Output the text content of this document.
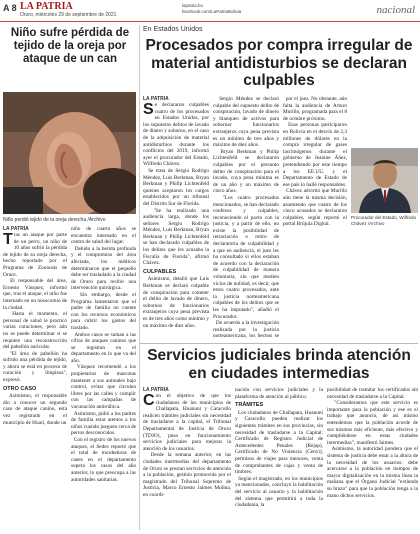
A 8 LA PATRIA
Oruro, miércoles 29 de septiembre de 2021
lapatria.bo
facebook.com/LaPatriaBolivia	nacional
Niño sufre pérdida de tejido de la oreja por ataque de un can
Niño perdió tejido de la oreja derecha /Archivo
LA PATRIA
Tras un ataque por parte de un perro, un niño de 10 años sufrió la pérdida de tejido de su oreja derecha, hecho reportado por el Programa de Zoonosis de Oruro.
El responsable del área, Ernesto Vásquez, informó que, tras el ataque, el niño fue internado en un nosocomio de la ciudad.
Hasta el momento, el personal de salud le practicó varias curaciones, pero aún no se puede determinar si se requiere una reconstrucción del pabellón auricular.
"El área de pabellón ha sufrido una pérdida de tejido, y ahora se está en proceso de curación y limpieza", expresó.
OTRO CASO
Asimismo, el responsable dio a conocer un segundo caso de ataque canino, esta vez registrado en el municipio de Huari, donde un
niño de cuatro años se encuentra internado en el centro de salud del lugar.
Debido a la herida profunda y el compromiso del área afectada, los médicos determinaron que el pequeño debe ser trasladado a la ciudad de Oruro para recibir una intervención quirúrgica.
Sin embargo, desde el Programa lamentaron que el padre de familia no cuente con los recursos económicos para cubrir los gastos del traslado.
Ambos casos se suman a las cifras de ataques caninos que se registran en el departamento en lo que va del año.
Vásquez recomendó a los propietarios de mascotas mantener a sus animales bajo control, evitar que circulen libres por las calles y cumplir con las campañas de vacunación antirrábica.
Asimismo, pidió a los padres de familia estar atentos a los niños cuando jueguen cerca de perros desconocidos.
Con el registro de los nuevos ataques, el Sedes reportó que el total de mordeduras de canes en el departamento supera los casos del año anterior, lo que preocupa a las autoridades sanitarias.
En Estados Unidos
Procesados por compra irregular de material antidisturbios se declaran culpables
LA PATRIA
Se declararon culpables cuatro de los procesados en Estados Unidos, por los supuestos delitos de lavado de dinero y soborno, en el caso de la adquisición de material antidisturbios durante los conflictos del 2019, informó ayer el procurador del Estado, Wilfredo Chávez.
Se trata de Sergio Rodrigo Méndez, Luis Berkman, Bryan Berkman y Philip Lichtenfeld quienes aceptaron los cargos establecidos por un tribunal del Distrito Sur de Florida.
"Se ha realizado una audiencia larga, donde los señores Sergio Rodrigo Méndez, Luis Berkman, Bryan Berkman y Philip Lichtenfeld se han declarado culpables de los delitos que les acusaba la Fiscalía de Florida", afirmó Chávez.
CULPABLES
Asimismo, detalló que Luis Berkman se declaró culpable de conspiración para cometer el delito de lavado de dinero, sobornos de funcionarios extranjeros cuya pena prevista es de tres años como mínimo y un máximo de diez años.
Sergio Méndez se declaró culpable del supuesto delito de conspiración, lavado de dinero y blanqueo de activos para sobornar funcionarios extranjeros cuya pena prevista es un mínimo de tres años y máximo de diez años.
Bryan Berkman y Philip Lichtenfeld se declararon culpables por el presunto delito de conspiración para el lavado, cuya pena mínima es de un año y un máximo de cinco años.
"Los cuatro procesados mencionados, se han declarado confesos y culpables, reconociendo el pacto con la justicia, y a partir de ello, no existe la posibilidad de retractación o retiro de declaratoria de culpabilidad y a que en audiencia, el juez les ha consultado si ellos estaban de acuerdo con la declaración de culpabilidad de manera voluntaria, sin que medien vicios de nulidad, es decir, que estos cuatro procesados, ante la justicia norteamericana culpables de los delitos que se les ha imputado", añadió el Procurador.
De acuerdo a la investigación realizada por la justicia norteamericana, los hechos se

por el juez. No obstante, aún falta la audiencia de Arturo Murillo, programada para el 8 de octubre próximo.
Esas personas participaron en Bolivia en el desvío de 2,3 millones de dólares en la compra irregular de gases lacrimógenos durante el gobierno de Jeanine Áñez, pretendiendo por este tiempo a los EE.UU. y el Departamento de Estado de ese país lo hallé responsables.
Chávez advirtió que Murillo aún tiene la misma decisión, asumiendo que cuatro de los cinco acusados se declararon culpables, según reportó el portal Brújula Digital.
Procurador del Estado, Wilfredo Chávez /Archivo
Servicios judiciales brinda atención en ciudades intermedias
LA PATRIA
Con el objetivo de que los ciudadanos de los municipios de Challapata, Huanuni y Caracollo realicen trámites judiciales sin necesidad de trasladarse a la capital, el Tribunal Departamental de Justicia de Oruro (TDJO), puso en funcionamiento servicios judiciales para mejorar la atención de los usuarios.
Desde la semana anterior, en las ciudades intermedias del departamento de Oruro se prestan servicios de atención a la población, gestión promovida por el magistrado del Tribunal Supremo de Justicia, Marco Ernesto Jaimes Molina, en coordi-
nación con servicios judiciales y la plataforma de atención al público.
TRÁMITES
Los ciudadanos de Challapata, Huanuni y Caracollo pueden realizar los siguientes trámites en sus provincias, sin necesidad de trasladarse a la Capital: Certificado de Registro Judicial de Antecedentes Penales (Rejap), Certificado de No Violencia (Cenvi), permisos de viajes para menores, venta de comprobantes de cajas y venta de timbres.
Según el magistrado, en los municipios ya mencionados, concluyó la habilitación del servicio al usuario y la habilitación del sistema que permitirá a toda la ciudadanía, la
posibilidad de tramitar los certificados sin necesidad de trasladarse a la Capital.
"Consideramos que este servicio es importante para la población y ese es el trabajo que anuncio, de así mismo entendemos que la población acorde de sus mismos más eficiente, más efectivo y cumpliéndose en estas ciudades intermedias", manifestó Jaimes.
Asimismo, la autoridad pondera que el sistema de justicia debe estar a la altura de la necesidad de los usuarios: debe acercarse a la población en tiempos de mayor digitalización en la misma línea la mañana que el Órgano Judicial "extienda su brazo" para que la población tenga a la mano dichos servicios.
